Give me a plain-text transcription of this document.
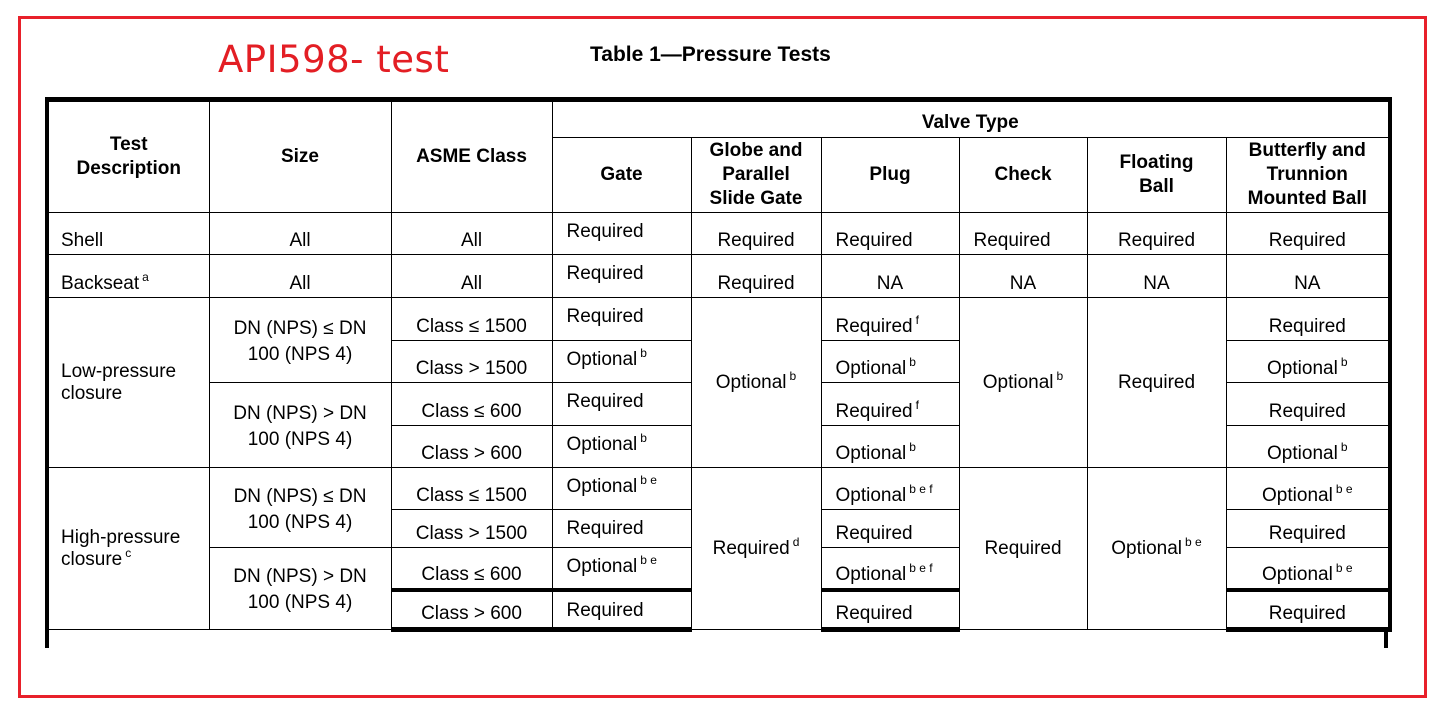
API598- test	Table 1—Pressure Tests
Test Description	Size	ASME Class	Valve Type					
			Gate	Globe and Parallel Slide Gate	Plug	Check	Floating Ball	Butterfly and Trunnion Mounted Ball
Shell	All	All	Required	Required	Required	Required	Required	Required
Backseat $^a$	All	All	Required	Required	NA	NA	NA	NA
Low-pressure closure	DN (NPS) ≤ DN 100 (NPS 4)	Class ≤ 1500	Required	Optional $^b$	Required $^f$	Optional $^b$	Required	Required
		Class > 1500	Optional $^b$		Optional $^b$			Optional $^b$
	DN (NPS) > DN 100 (NPS 4)	Class ≤ 600	Required		Required $^f$			Required
		Class > 600	Optional $^b$		Optional $^b$			Optional $^b$
High-pressure closure $^c$	DN (NPS) ≤ DN 100 (NPS 4)	Class ≤ 1500	Optional $^{b e}$	Required $^d$	Optional $^{b e f}$	Required	Optional $^{b e}$	Optional $^{b e}$
		Class > 1500	Required		Required			Required
	DN (NPS) > DN 100 (NPS 4)	Class ≤ 600	Optional $^{b e}$		Optional $^{b e f}$			Optional $^{b e}$
		Class > 600	Required		Required			Required
